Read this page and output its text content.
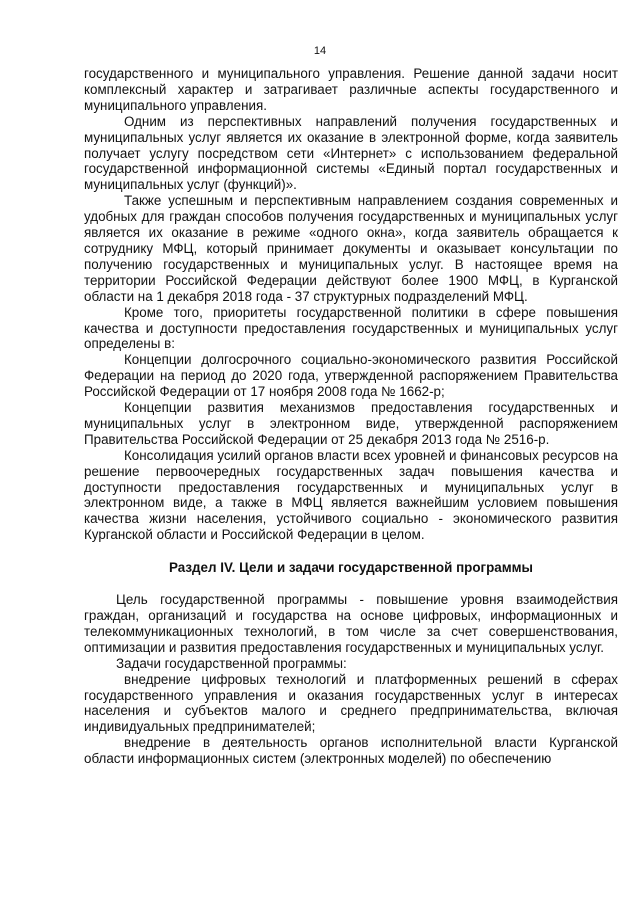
14

государственного и муниципального управления. Решение данной задачи носит комплексный характер и затрагивает различные аспекты государственного и муниципального управления.

Одним из перспективных направлений получения государственных и муниципальных услуг является их оказание в электронной форме, когда заявитель получает услугу посредством сети «Интернет» с использованием федеральной государственной информационной системы «Единый портал государственных и муниципальных услуг (функций)».

Также успешным и перспективным направлением создания современных и удобных для граждан способов получения государственных и муниципальных услуг является их оказание в режиме «одного окна», когда заявитель обращается к сотруднику МФЦ, который принимает документы и оказывает консультации по получению государственных и муниципальных услуг. В настоящее время на территории Российской Федерации действуют более 1900 МФЦ, в Курганской области на 1 декабря 2018 года - 37 структурных подразделений МФЦ.

Кроме того, приоритеты государственной политики в сфере повышения качества и доступности предоставления государственных и муниципальных услуг определены в:

Концепции долгосрочного социально-экономического развития Российской Федерации на период до 2020 года, утвержденной распоряжением Правительства Российской Федерации от 17 ноября 2008 года № 1662-р;

Концепции развития механизмов предоставления государственных и муниципальных услуг в электронном виде, утвержденной распоряжением Правительства Российской Федерации от 25 декабря 2013 года № 2516-р.

Консолидация усилий органов власти всех уровней и финансовых ресурсов на решение первоочередных государственных задач повышения качества и доступности предоставления государственных и муниципальных услуг в электронном виде, а также в МФЦ является важнейшим условием повышения качества жизни населения, устойчивого социально - экономического развития Курганской области и Российской Федерации в целом.

Раздел IV. Цели и задачи государственной программы

Цель государственной программы - повышение уровня взаимодействия граждан, организаций и государства на основе цифровых, информационных и телекоммуникационных технологий, в том числе за счет совершенствования, оптимизации и развития предоставления государственных и муниципальных услуг.

Задачи государственной программы:

внедрение цифровых технологий и платформенных решений в сферах государственного управления и оказания государственных услуг в интересах населения и субъектов малого и среднего предпринимательства, включая индивидуальных предпринимателей;

внедрение в деятельность органов исполнительной власти Курганской области информационных систем (электронных моделей) по обеспечению
